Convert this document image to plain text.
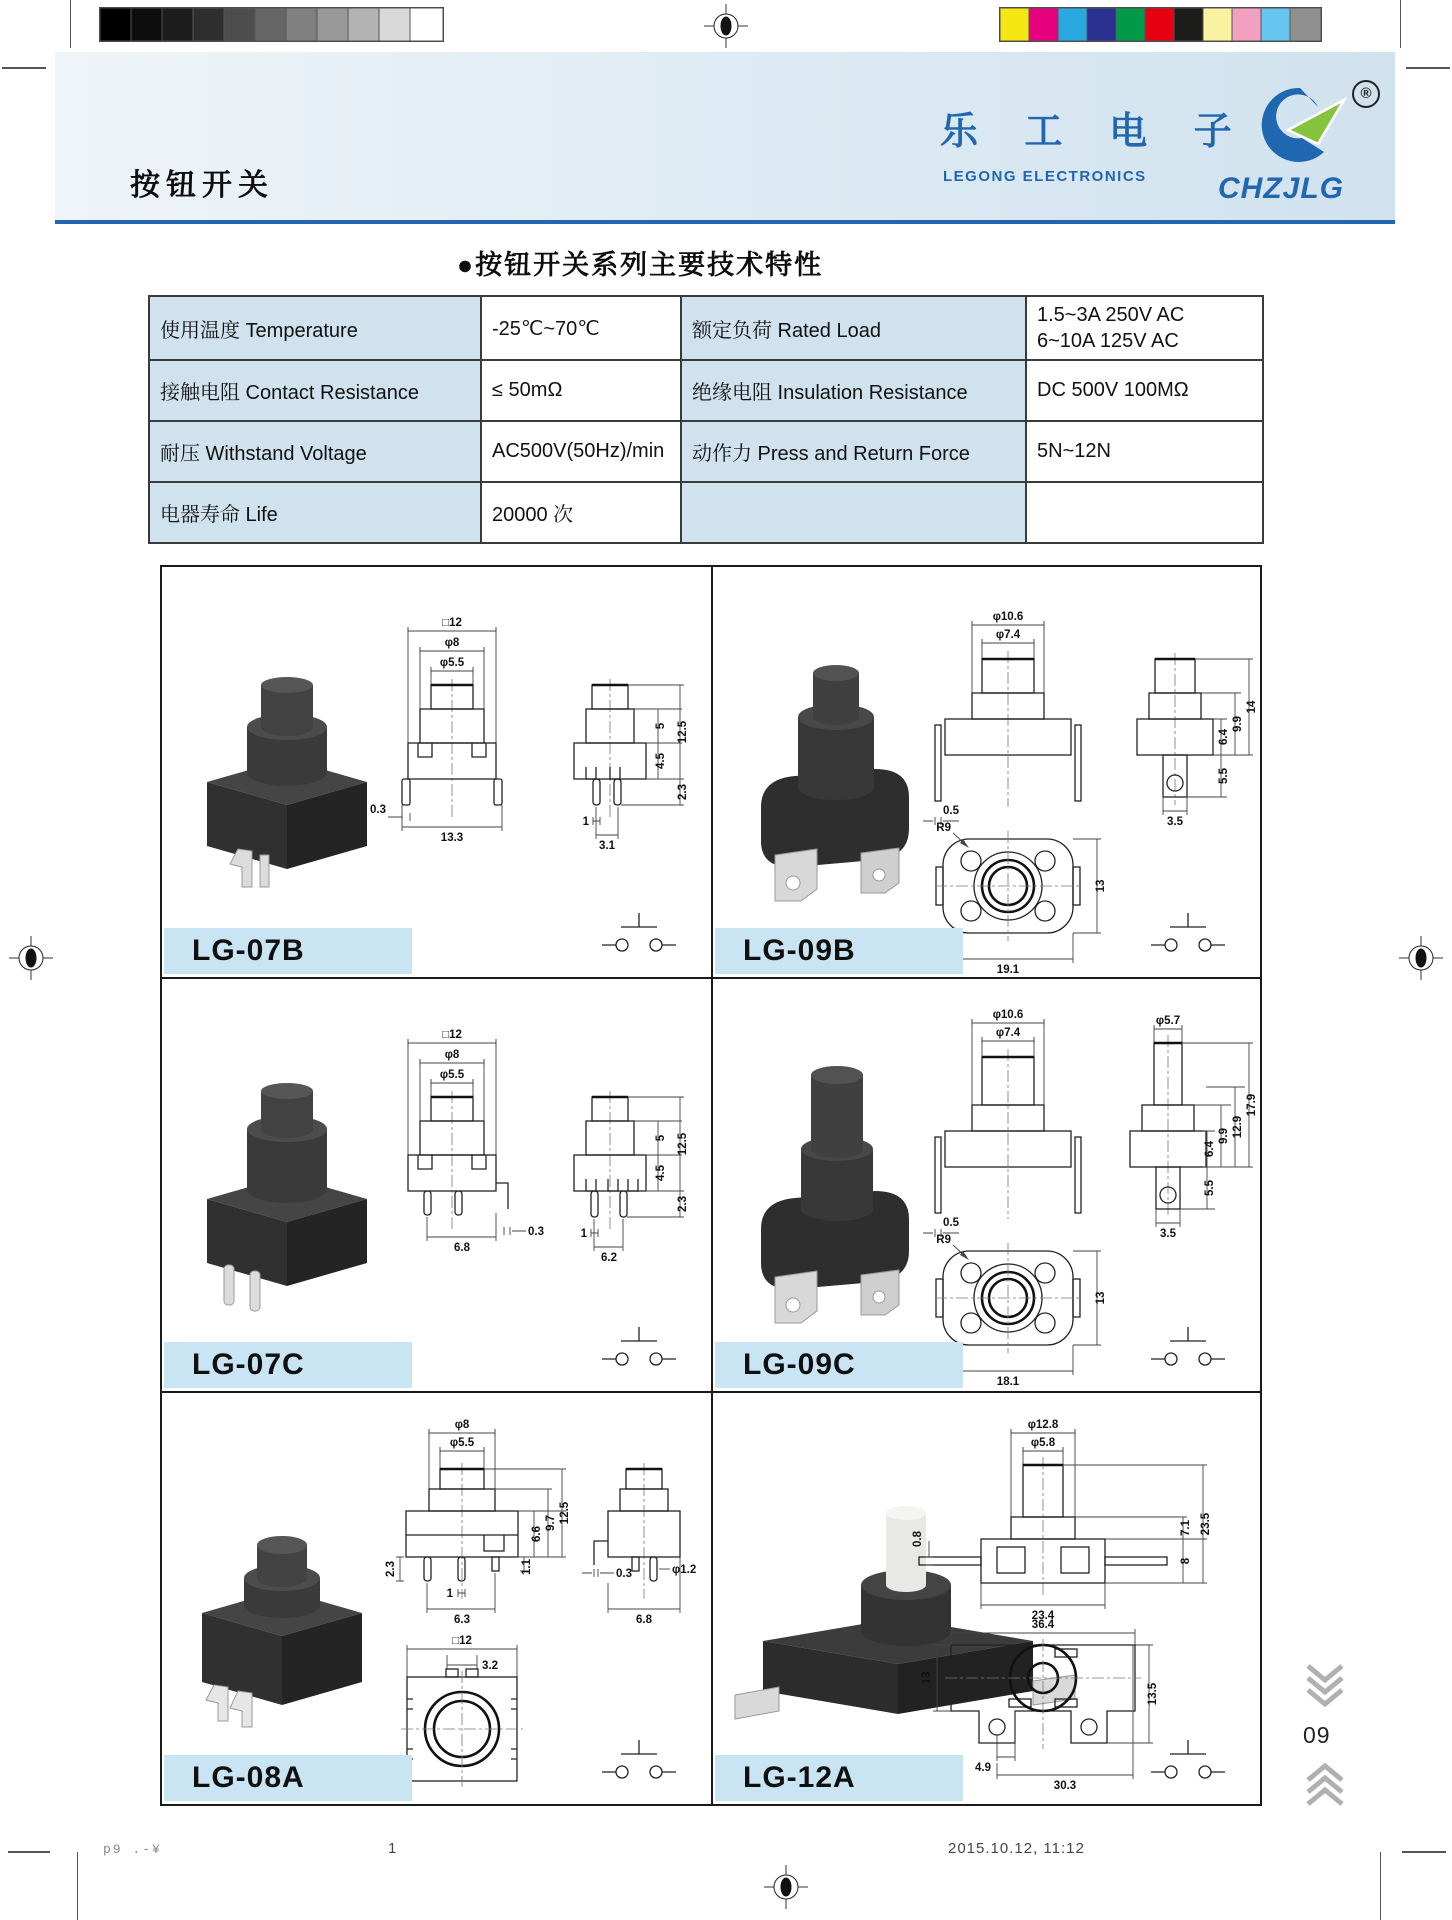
按钮开关
乐 工 电 子
LEGONG ELECTRONICS
®
CHZJLG
●按钮开关系列主要技术特性
使用温度 Temperature	-25℃~70℃	额定负荷 Rated Load	1.5~3A 250V AC
6~10A 125V AC

接触电阻 Contact Resistance	≤ 50mΩ	绝缘电阻 Insulation Resistance	DC 500V 100MΩ
耐压 Withstand Voltage	AC500V(50Hz)/min	动作力 Press and Return Force	5N~12N
电器寿命 Life	20000 次		
□12
φ8
φ5.5
13.3
0.3
5
4.5
12.5
2.3
1
3.1
LG-07B
φ10.6
φ7.4
0.5
R9
19.1
13
6.4
9.9
14
5.5
3.5
LG-09B
□12
φ8
φ5.5
6.8
0.3
5
4.5
12.5
2.3
1
6.2
LG-07C
φ10.6
φ7.4
0.5
R9
18.1
13
φ5.7
6.4
9.9 12.9
17.9
5.5
3.5
LG-09C
φ8
φ5.5
2.3
6.6
9.7 12.5
1.1
1
6.3
0.3	φ1.2
6.8
□12
3.2
LG-08A
φ12.8
φ5.8
0.8
7.1 23.5
8
23.4
36.4
13
13.5
4.9
30.3
LG-12A
09
p9 .-¥	1	2015.10.12, 11:12
